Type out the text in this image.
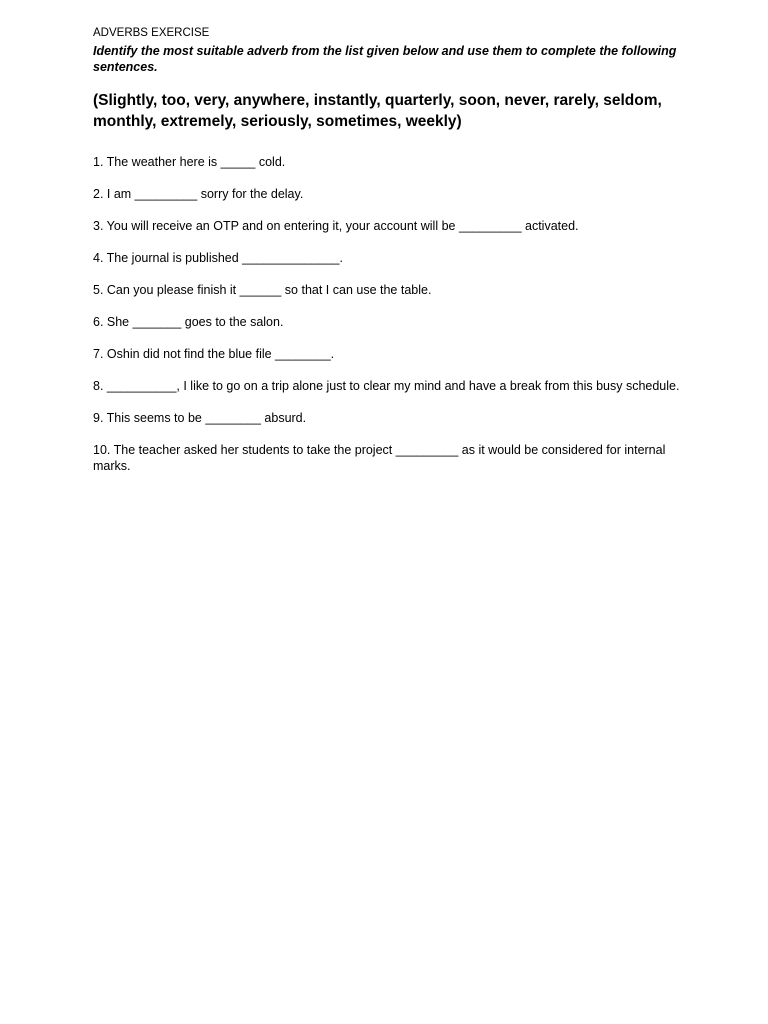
ADVERBS EXERCISE
Identify the most suitable adverb from the list given below and use them to complete the following sentences.
(Slightly, too, very, anywhere, instantly, quarterly, soon, never, rarely, seldom, monthly, extremely, seriously, sometimes, weekly)
1. The weather here is _____ cold.
2. I am _________ sorry for the delay.
3. You will receive an OTP and on entering it, your account will be _________ activated.
4. The journal is published ______________.
5. Can you please finish it ______ so that I can use the table.
6. She _______ goes to the salon.
7. Oshin did not find the blue file ________.
8. __________, I like to go on a trip alone just to clear my mind and have a break from this busy schedule.
9. This seems to be ________ absurd.
10. The teacher asked her students to take the project _________ as it would be considered for internal marks.
